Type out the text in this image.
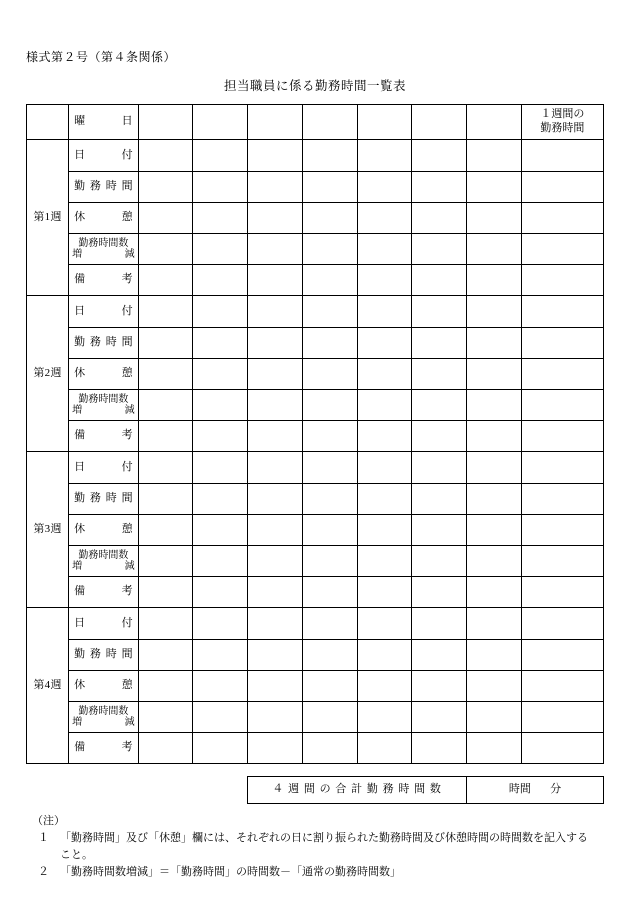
様式第２号（第４条関係）
担当職員に係る勤務時間一覧表

	曜　　　日								１週間の
勤務時間
第1週	日　　　付								

	勤 務 時 間								

	休　　　憩								

	勤務時間数
増　　減								

	備　　　考								

第2週	日　　　付								

	勤 務 時 間								

	休　　　憩								

	勤務時間数
増　　減								

	備　　　考								

第3週	日　　　付								

	勤 務 時 間								

	休　　　憩								

	勤務時間数
増　　減								

	備　　　考								

第4週	日　　　付								

	勤 務 時 間								

	休　　　憩								

	勤務時間数
増　　減								

	備　　　考								

				４ 週 間 の 合 計 勤 務 時 間 数				時間 分	
（注）
１	「勤務時間」及び「休憩」欄には、それぞれの日に割り振られた勤務時間及び休憩時間の時間数を記入する
こと。
２	「勤務時間数増減」＝「勤務時間」の時間数－「通常の勤務時間数」
